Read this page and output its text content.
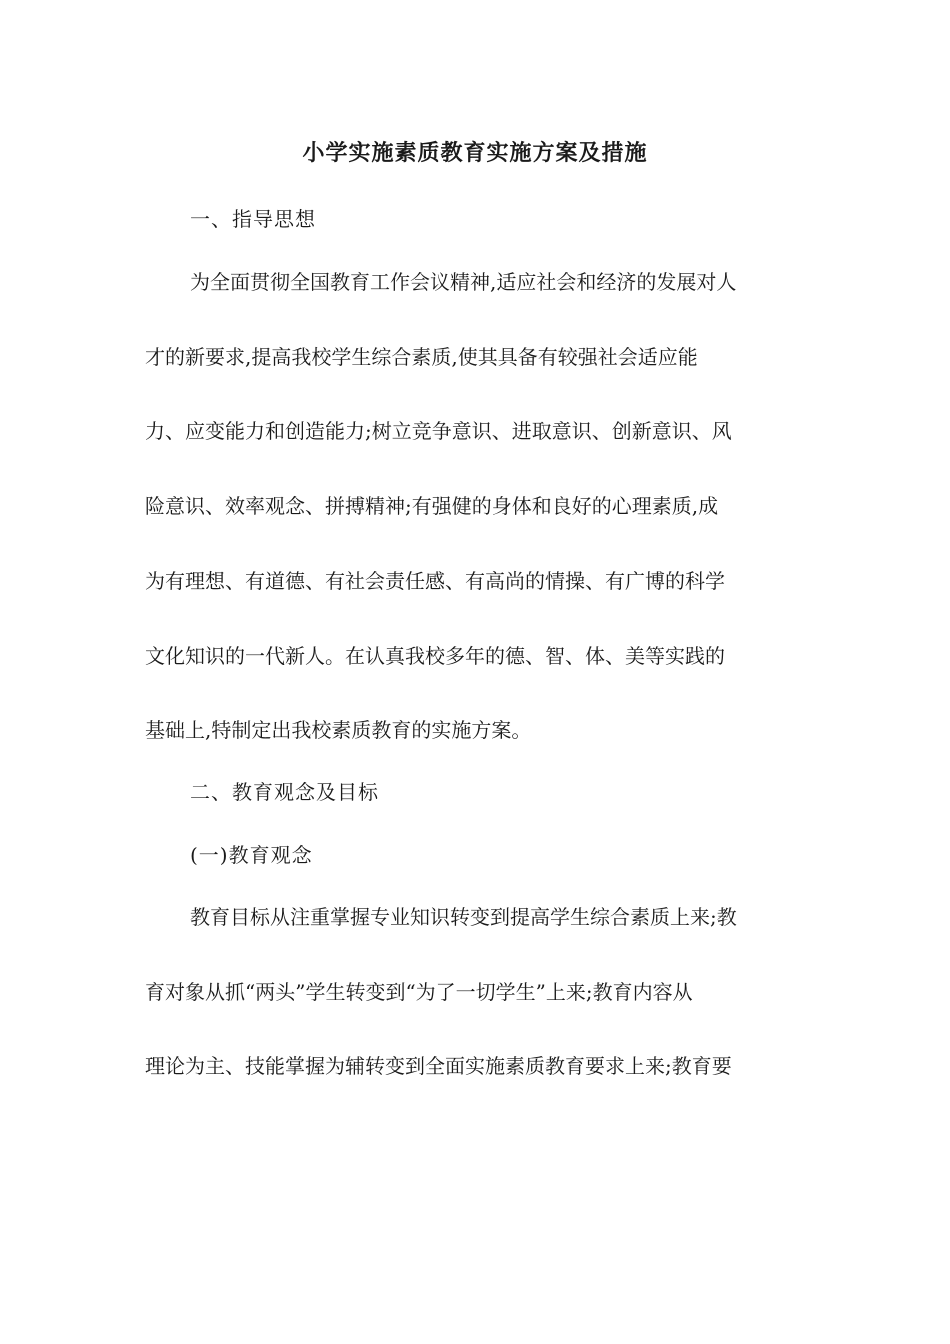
小学实施素质教育实施方案及措施
一、指导思想
为全面贯彻全国教育工作会议精神,适应社会和经济的发展对人
才的新要求,提高我校学生综合素质,使其具备有较强社会适应能
力、应变能力和创造能力;树立竞争意识、进取意识、创新意识、风
险意识、效率观念、拼搏精神;有强健的身体和良好的心理素质,成
为有理想、有道德、有社会责任感、有高尚的情操、有广博的科学
文化知识的一代新人。在认真我校多年的德、智、体、美等实践的
基础上,特制定出我校素质教育的实施方案。
二、教育观念及目标
(一)教育观念
教育目标从注重掌握专业知识转变到提高学生综合素质上来;教
育对象从抓“两头”学生转变到“为了一切学生”上来;教育内容从
理论为主、技能掌握为辅转变到全面实施素质教育要求上来;教育要
